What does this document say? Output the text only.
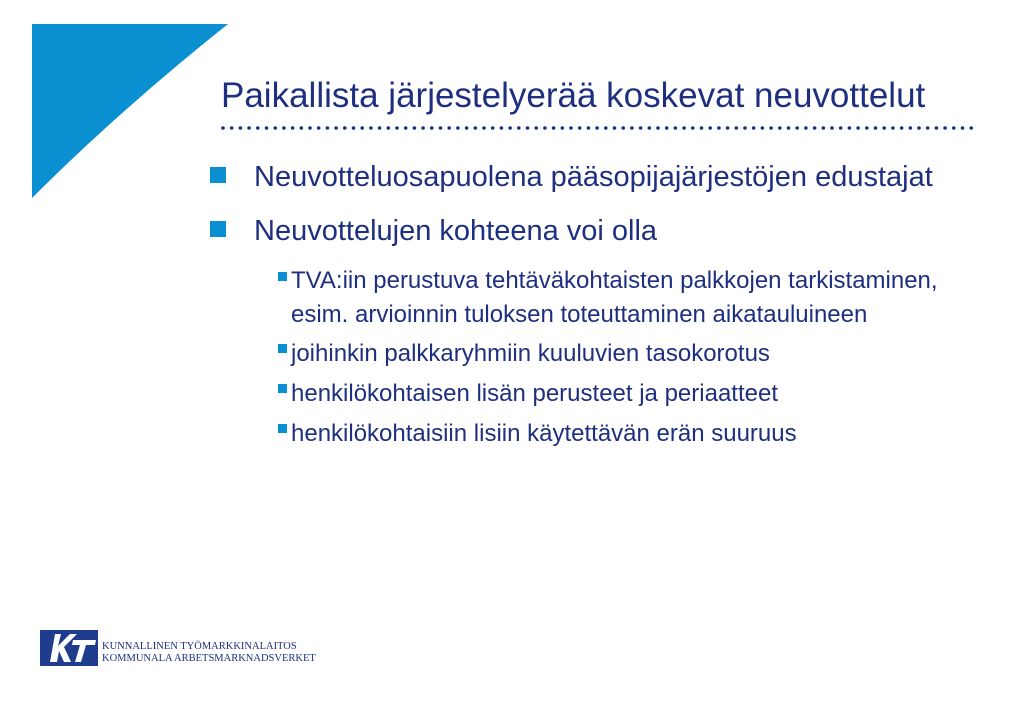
Paikallista järjestelyerää koskevat neuvottelut
Neuvotteluosapuolena pääsopijajärjestöjen edustajat
Neuvottelujen kohteena voi olla
TVA:iin perustuva tehtäväkohtaisten palkkojen tarkistaminen, esim. arvioinnin tuloksen toteuttaminen aikatauluineen
joihinkin palkkaryhmiin kuuluvien tasokorotus
henkilökohtaisen lisän perusteet ja periaatteet
henkilökohtaisiin lisiin käytettävän erän suuruus
KUNNALLINEN TYÖMARKKINALAITOS
KOMMUNALA ARBETSMARKNADSVERKET
